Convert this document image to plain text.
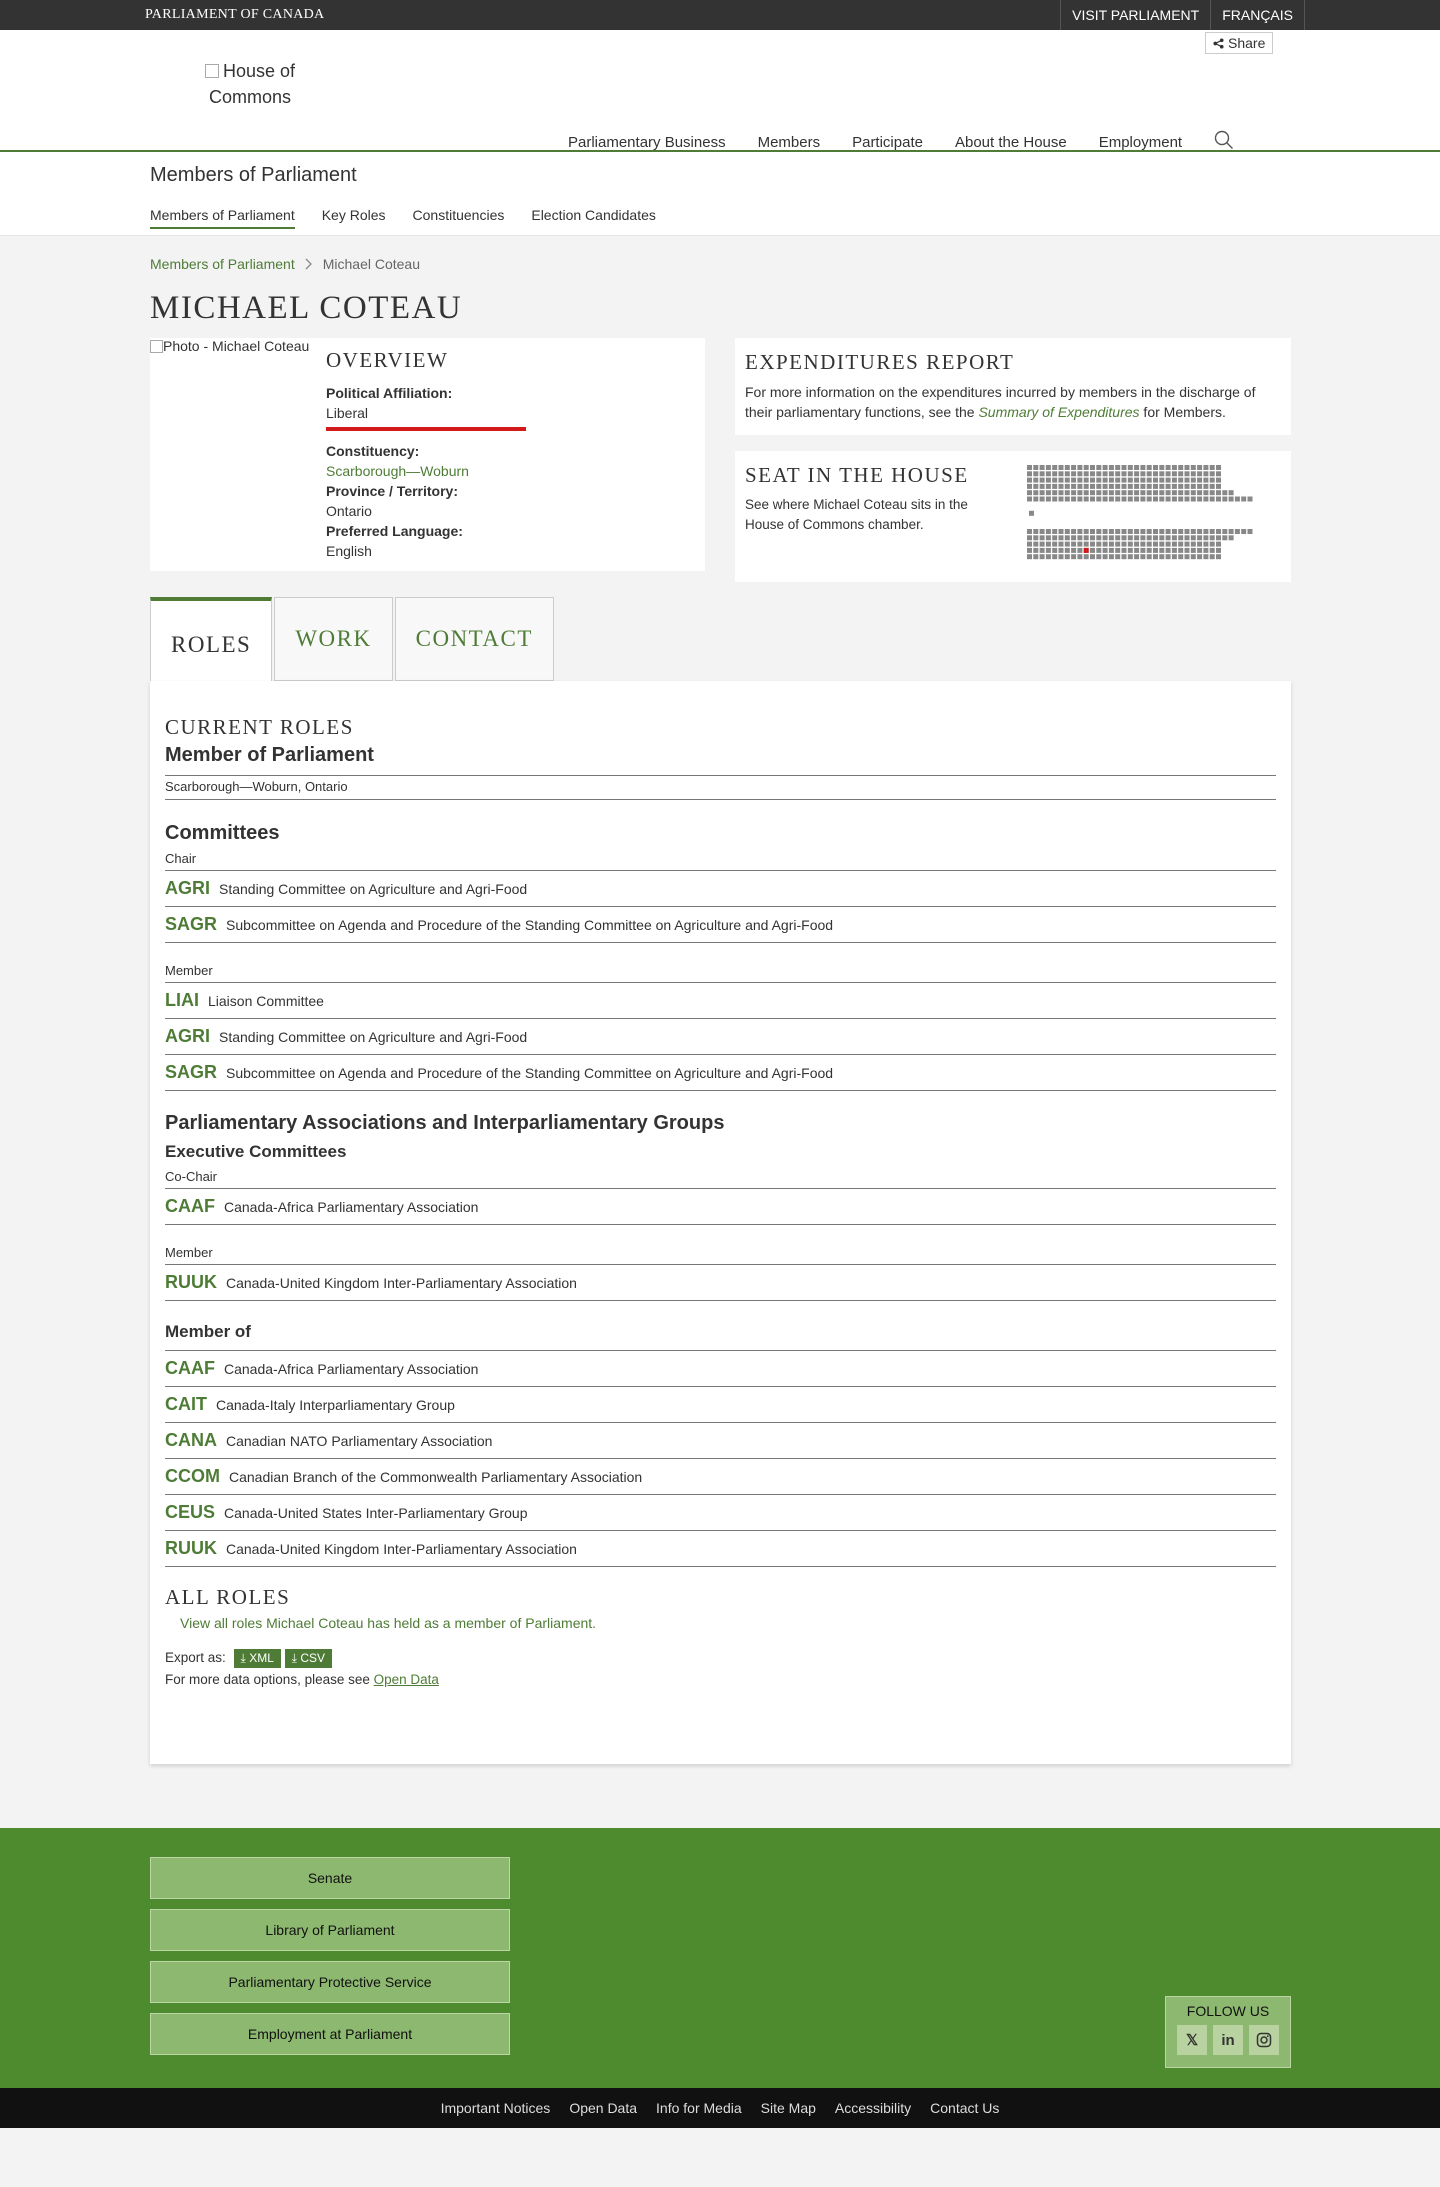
PARLIAMENT OF CANADA	VISIT PARLIAMENT	FRANÇAIS
House of Commons
Share
Parliamentary Business	Members	Participate	About the House	Employment
Members of Parliament
Members of Parliament Key Roles Constituencies Election Candidates
Members of Parliament Michael Coteau
MICHAEL COTEAU
Photo - Michael Coteau
OVERVIEW
Political Affiliation:
Liberal
Constituency:
Scarborough—Woburn
Province / Territory:
Ontario
Preferred Language:
English
EXPENDITURES REPORT

For more information on the expenditures incurred by members in the discharge of their parliamentary functions, see the Summary of Expenditures for Members.

SEAT IN THE HOUSE

See where Michael Coteau sits in the House of Commons chamber.

ROLES	WORK	CONTACT
CURRENT ROLES
Member of Parliament
Scarborough—Woburn, Ontario
Committees
Chair
AGRI Standing Committee on Agriculture and Agri-Food
SAGR Subcommittee on Agenda and Procedure of the Standing Committee on Agriculture and Agri-Food
Member
LIAI Liaison Committee
AGRI Standing Committee on Agriculture and Agri-Food
SAGR Subcommittee on Agenda and Procedure of the Standing Committee on Agriculture and Agri-Food
Parliamentary Associations and Interparliamentary Groups
Executive Committees
Co-Chair
CAAF Canada-Africa Parliamentary Association
Member
RUUK Canada-United Kingdom Inter-Parliamentary Association
Member of
CAAF Canada-Africa Parliamentary Association
CAIT Canada-Italy Interparliamentary Group
CANA Canadian NATO Parliamentary Association
CCOM Canadian Branch of the Commonwealth Parliamentary Association
CEUS Canada-United States Inter-Parliamentary Group
RUUK Canada-United Kingdom Inter-Parliamentary Association
ALL ROLES
View all roles Michael Coteau has held as a member of Parliament.
Export as: ⤓ XML ⤓ CSV
For more data options, please see Open Data
Senate
Library of Parliament
Parliamentary Protective Service
Employment at Parliament
FOLLOW US
𝕏	in
Important Notices Open Data Info for Media Site Map Accessibility Contact Us
